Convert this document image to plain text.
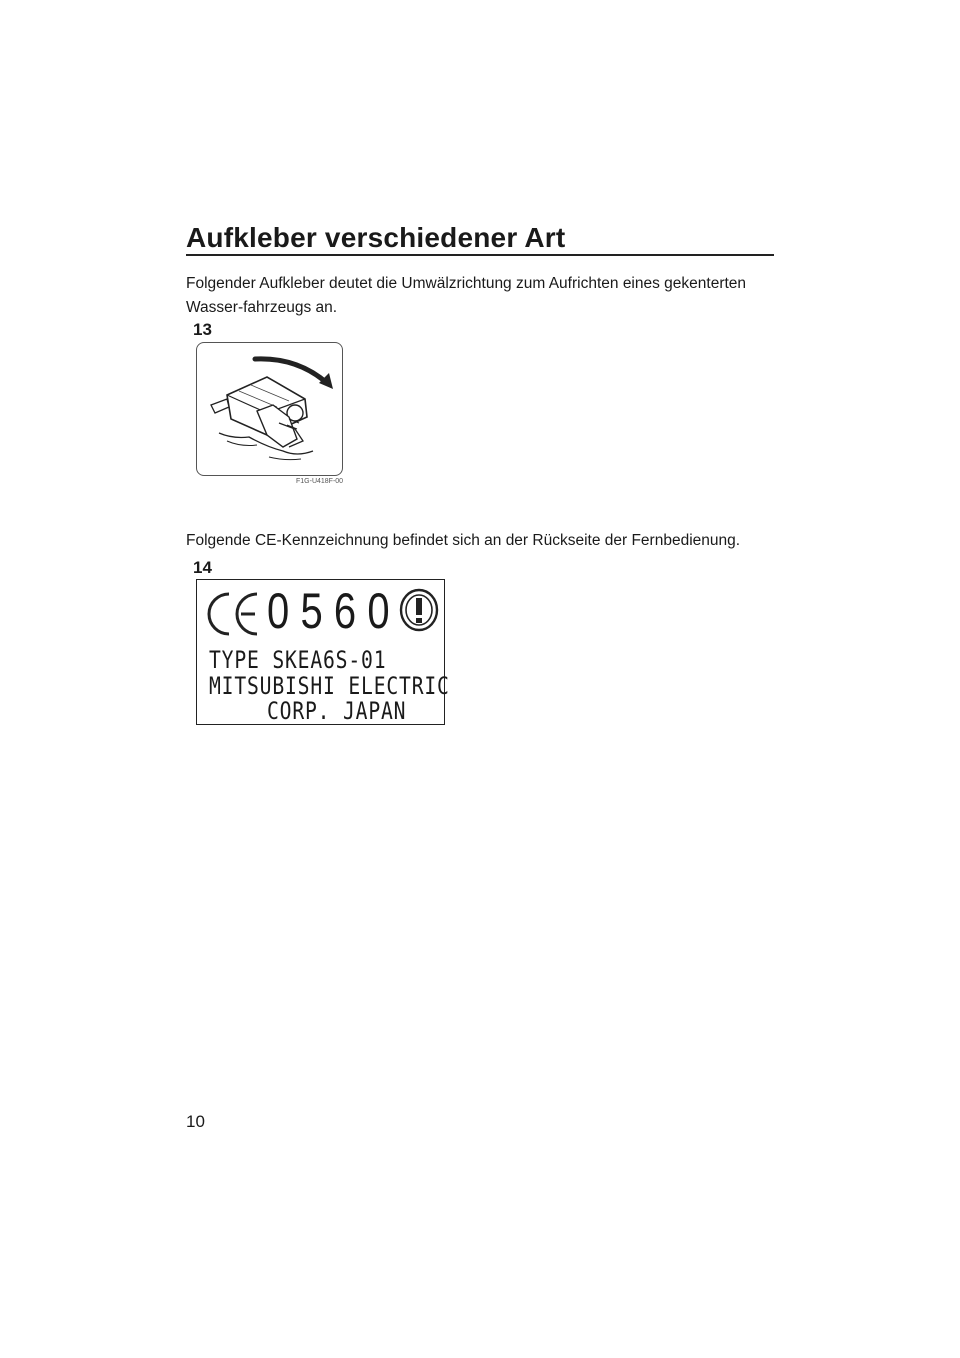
Aufkleber verschiedener Art

Folgender Aufkleber deutet die Umwälzrichtung zum Aufrichten eines gekenterten Wasser-fahrzeugs an.

13
F1G-U418F-00

Folgende CE-Kennzeichnung befindet sich an der Rückseite der Fernbedienung.

14
0560
TYPE SKEA6S-01
MITSUBISHI ELECTRIC
CORP. JAPAN
10
